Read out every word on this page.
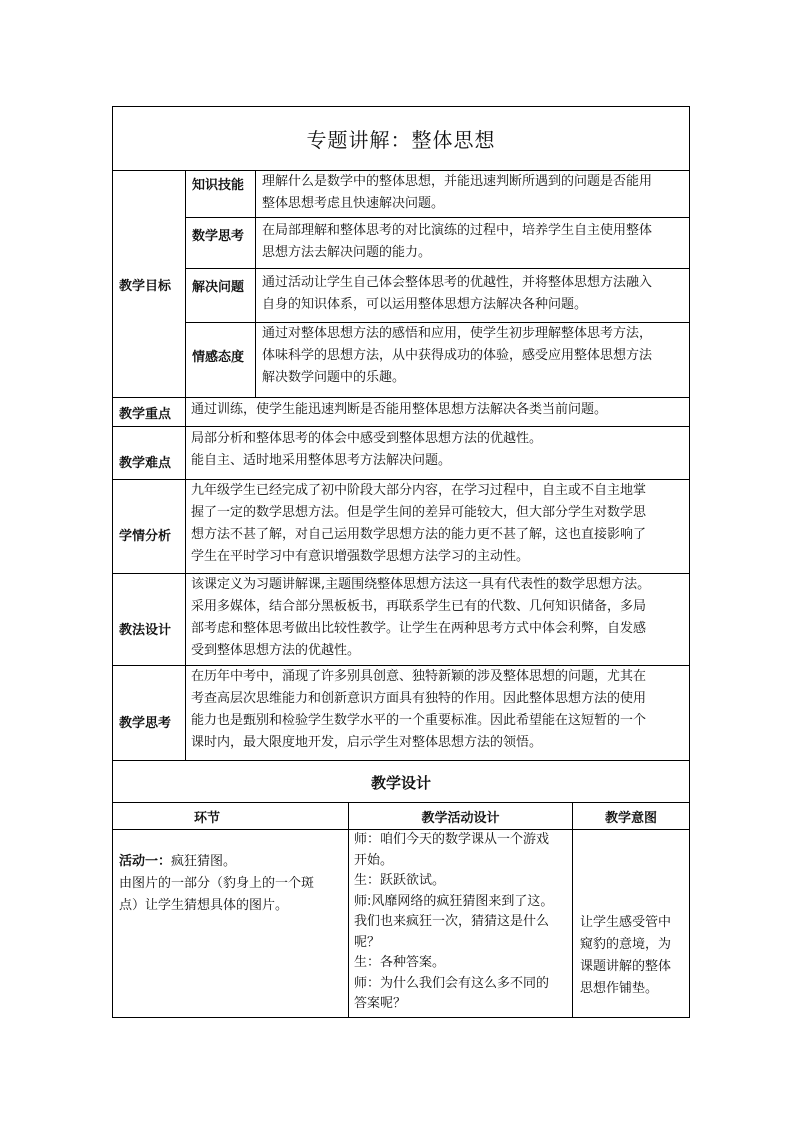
专题讲解：整体思想
教学目标
知识技能 理解什么是数学中的整体思想，并能迅速判断所遇到的问题是否能用
整体思想考虑且快速解决问题。
数学思考 在局部理解和整体思考的对比演练的过程中，培养学生自主使用整体
思想方法去解决问题的能力。
解决问题 通过活动让学生自己体会整体思考的优越性，并将整体思想方法融入
自身的知识体系，可以运用整体思想方法解决各种问题。
情感态度
通过对整体思想方法的感悟和应用，使学生初步理解整体思考方法，
体味科学的思想方法，从中获得成功的体验，感受应用整体思想方法
解决数学问题中的乐趣。
教学重点 通过训练，使学生能迅速判断是否能用整体思想方法解决各类当前问题。
教学难点
局部分析和整体思考的体会中感受到整体思想方法的优越性。
能自主、适时地采用整体思考方法解决问题。
学情分析
九年级学生已经完成了初中阶段大部分内容，在学习过程中，自主或不自主地掌
握了一定的数学思想方法。但是学生间的差异可能较大，但大部分学生对数学思
想方法不甚了解，对自己运用数学思想方法的能力更不甚了解，这也直接影响了
学生在平时学习中有意识增强数学思想方法学习的主动性。
教法设计
该课定义为习题讲解课,主题围绕整体思想方法这一具有代表性的数学思想方法。
采用多媒体，结合部分黑板板书，再联系学生已有的代数、几何知识储备，多局
部考虑和整体思考做出比较性教学。让学生在两种思考方式中体会利弊，自发感
受到整体思想方法的优越性。
教学思考
在历年中考中，涌现了许多别具创意、独特新颖的涉及整体思想的问题，尤其在
考查高层次思维能力和创新意识方面具有独特的作用。因此整体思想方法的使用
能力也是甄别和检验学生数学水平的一个重要标准。因此希望能在这短暂的一个
课时内，最大限度地开发，启示学生对整体思想方法的领悟。
教学设计
环节	教学活动设计	教学意图
活动一：疯狂猜图。
由图片的一部分（豹身上的一个斑
点）让学生猜想具体的图片。
师：咱们今天的数学课从一个游戏
开始。
生：跃跃欲试。
师:风靡网络的疯狂猜图来到了这。
我们也来疯狂一次，猜猜这是什么
呢？
生：各种答案。
师：为什么我们会有这么多不同的
答案呢？
让学生感受管中
窥豹的意境，为
课题讲解的整体
思想作铺垫。
